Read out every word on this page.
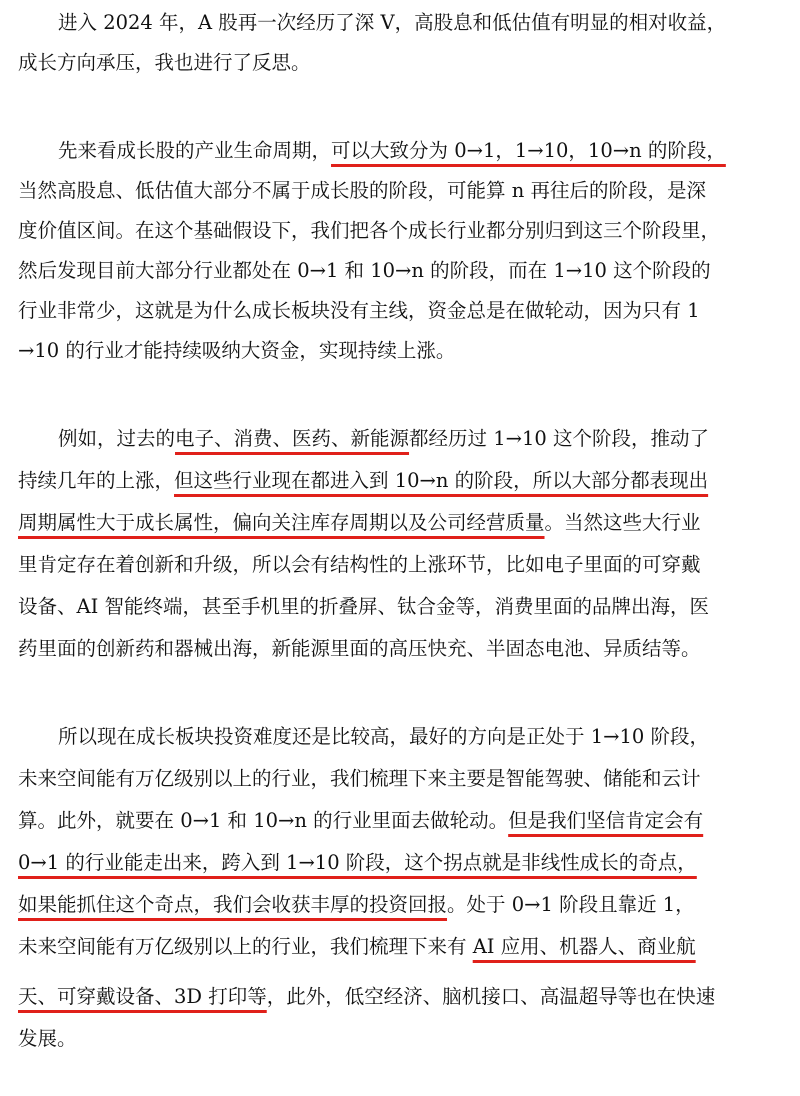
进入 2024 年，A 股再一次经历了深 V，高股息和低估值有明显的相对收益，
成长方向承压，我也进行了反思。
先来看成长股的产业生命周期，可以大致分为 0→1，1→10，10→n 的阶段，
当然高股息、低估值大部分不属于成长股的阶段，可能算 n 再往后的阶段，是深
度价值区间。在这个基础假设下，我们把各个成长行业都分别归到这三个阶段里，
然后发现目前大部分行业都处在 0→1 和 10→n 的阶段，而在 1→10 这个阶段的
行业非常少，这就是为什么成长板块没有主线，资金总是在做轮动，因为只有 1
→10 的行业才能持续吸纳大资金，实现持续上涨。
例如，过去的电子、消费、医药、新能源都经历过 1→10 这个阶段，推动了
持续几年的上涨，但这些行业现在都进入到 10→n 的阶段，所以大部分都表现出
周期属性大于成长属性，偏向关注库存周期以及公司经营质量。当然这些大行业
里肯定存在着创新和升级，所以会有结构性的上涨环节，比如电子里面的可穿戴
设备、AI 智能终端，甚至手机里的折叠屏、钛合金等，消费里面的品牌出海，医
药里面的创新药和器械出海，新能源里面的高压快充、半固态电池、异质结等。
所以现在成长板块投资难度还是比较高，最好的方向是正处于 1→10 阶段，
未来空间能有万亿级别以上的行业，我们梳理下来主要是智能驾驶、储能和云计
算。此外，就要在 0→1 和 10→n 的行业里面去做轮动。但是我们坚信肯定会有
0→1 的行业能走出来，跨入到 1→10 阶段，这个拐点就是非线性成长的奇点，
如果能抓住这个奇点，我们会收获丰厚的投资回报。处于 0→1 阶段且靠近 1，
未来空间能有万亿级别以上的行业，我们梳理下来有 AI 应用、机器人、商业航
天、可穿戴设备、3D 打印等，此外，低空经济、脑机接口、高温超导等也在快速
发展。
